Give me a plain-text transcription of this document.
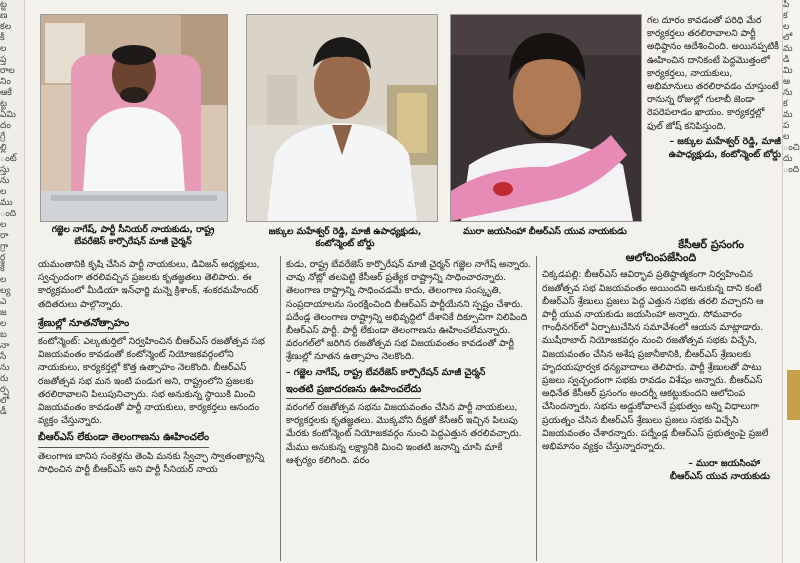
ట్ట
ణ
కల
కీ
ల
ప్త
రాల
నిం
ఆకే
ట్ట
ఏమి
దం
గ్రే
ల్లి
ంట్
స్తు
ను
ల
ము
ంది
ల
రా
గ్రా
ర్థ
కే
ల
ల్య
ఎ
జ
ల
బ
నా
సే
ను
రు
ర్ప
లో
డీ
పి
క
ల
లో
మ
డి
మి
అ
ను
క
మ
ప
ల
ంచి
దు
ంది
గజ్జెల నాగేష్, పార్టీ సీనియర్ నాయకుడు, రాష్ట్ర బేవరేజెస్ కార్పొరేషన్ మాజీ చైర్మన్
జక్కుల మహేశ్వర్ రెడ్డి, మాజీ ఉపాధ్యక్షుడు, కంటోన్మెంట్ బోర్డు
మురా జయసింహా బీఆర్ఎస్ యువ నాయకుడు

గల దూరం కావడంతో పరిధి మేర కార్యకర్తలు తరలిరావాలని పార్టీ అధిష్ఠానం ఆదేశించింది. అయినప్పటికీ ఊహించిన దానికంటే పెద్దమొత్తంలో కార్యకర్తలు, నాయకులు, అభిమానులు తరలిరావడం చూస్తుంటే రానున్న రోజుల్లో గులాబీ జెండా రెపరెపలాడం ఖాయం. కార్యకర్తల్లో ఫుల్ జోష్ కనిపిస్తుంది.

– జక్కుల మహేశ్వర్ రెడ్డి, మాజీ ఉపాధ్యక్షుడు, కంటోన్మెంట్ బోర్డు

యమంతానికి కృషి చేసిన పార్టీ నాయకులు, డివిజన్ అధ్యక్షులు, స్వచ్ఛందంగా తరలివచ్చిన ప్రజలకు కృతజ్ఞతలు తెలిపారు. ఈ కార్యక్రమంలో మీడియా ఇన్‌ఛార్జి మన్నె క్రిశాంక్, శంకరమహేందర్ తదితరులు పాల్గొన్నారు.

శ్రేణుల్లో నూతనోత్సాహం

కంటోన్మెంట్: ఎల్కతుర్తిలో నిర్వహించిన బీఆర్ఎస్ రజతోత్సవ సభ విజయవంతం కావడంతో కంటోన్మెంట్ నియోజకవర్గంలోని నాయకులు, కార్యకర్తల్లో కొత్త ఉత్సాహం నెలకొంది. బీఆర్ఎస్ రజతోత్సవ సభ మన ఇంటి పండుగ అని, రాష్ట్రంలోని ప్రజలకు తరలిరావాలని పిలుపునిచ్చారు. సభ అనుకున్న స్థాయికి మించి విజయవంతం కావడంతో పార్టీ నాయకులు, కార్యకర్తలు ఆనందం వ్యక్తం చేస్తున్నారు.

బీఆర్ఎస్ లేకుండా తెలంగాణను ఊహించలేం

తెలంగాణ బానిస సంకెళ్లను తెంపి మనకు స్వేచ్ఛా స్వాతంత్య్రాన్ని సాధించిన పార్టీ బీఆర్ఎస్ అని పార్టీ సీనియర్ నాయ

కుడు, రాష్ట్ర బేవరేజెస్ కార్పొరేషన్ మాజీ చైర్మన్ గజ్జెల నాగేష్ అన్నారు. చావు నోట్లో తలపెట్టి కేసీఆర్ ప్రత్యేక రాష్ట్రాన్ని సాధించారన్నారు. తెలంగాణ రాష్ట్రాన్ని సాధించడమే కాదు, తెలంగాణ సంస్కృతి, సంప్రదాయాలను సంరక్షించింది బీఆర్ఎస్ పార్టీయేనని స్పష్టం చేశారు. పదేండ్ల తెలంగాణ రాష్ట్రాన్ని అభివృద్ధిలో దేశానికే దిక్సూచిగా నిలిపింది బీఆర్ఎస్ పార్టీ. పార్టీ లేకుండా తెలంగాణను ఊహించలేమన్నారు. వరంగల్‌లో జరిగిన రజతోత్సవ సభ విజయవంతం కావడంతో పార్టీ శ్రేణుల్లో నూతన ఉత్సాహం నెలకొంది.

– గజ్జెల నాగేష్, రాష్ట్ర బేవరేజెస్ కార్పొరేషన్ మాజీ చైర్మన్

ఇంతటి ప్రజాదరణను ఊహించలేదు

వరంగల్ రజతోత్సవ సభను విజయవంతం చేసిన పార్టీ నాయకులు, కార్యకర్తలకు కృతజ్ఞతలు. మొక్కవోని దీక్షతో కేసీఆర్ ఇచ్చిన పిలుపు మేరకు కంటోన్మెంట్ నియోజకవర్గం నుంచి పెద్దఎత్తున తరలివచ్చారు. మేము అనుకున్న లక్ష్యానికి మించి ఇంతటి జనాన్ని చూసి మాకే ఆశ్చర్యం కలిగింది. వరం

కేసీఆర్ ప్రసంగం
ఆలోచింపజేసింది

చిక్కడపల్లి: బీఆర్ఎస్ ఆవిర్భావ ప్రతిష్ఠాత్మకంగా నిర్వహించిన రజతోత్సవ సభ విజయవంతం అయిందని అనుకున్న దాని కంటే బీఆర్ఎస్ శ్రేణులు ప్రజలు పెద్ద ఎత్తున సభకు తరలి వచ్చారని ఆ పార్టీ యువ నాయకుడు జయసింహా అన్నారు. సోమవారం గాంధీనగర్‌లో ఏర్పాటుచేసిన సమావేశంలో ఆయన మాట్లాడారు. ముషీరాబాద్ నియోజకవర్గం నుంచి రజతోత్సవ సభకు విచ్చేసి, విజయవంతం చేసిన అశేష ప్రజానీకానికి, బీఆర్ఎస్ శ్రేణులకు హృదయపూర్వక ధన్యవాదాలు తెలిపారు. పార్టీ శ్రేణులతో పాటు ప్రజలు స్వచ్ఛందంగా సభకు రావడం విశేషం అన్నారు. బీఆర్ఎస్ అధినేత కేసీఆర్ ప్రసంగం అందర్నీ ఆకట్టుకుందని ఆలోచింప చేసిందన్నారు. సభను అడ్డుకోవాలనే ప్రభుత్వం అన్ని విధాలుగా ప్రయత్నం చేసిన బీఆర్ఎస్ శ్రేణులు ప్రజలు సభకు విచ్చేసి విజయవంతం చేశారన్నారు. పద్నేండ్ల బీఆర్ఎస్ ప్రభుత్వంపై ప్రజలే అభిమానం వ్యక్తం చేస్తున్నారన్నారు.

– మురా జయసింహా

బీఆర్ఎస్ యువ నాయకుడు
